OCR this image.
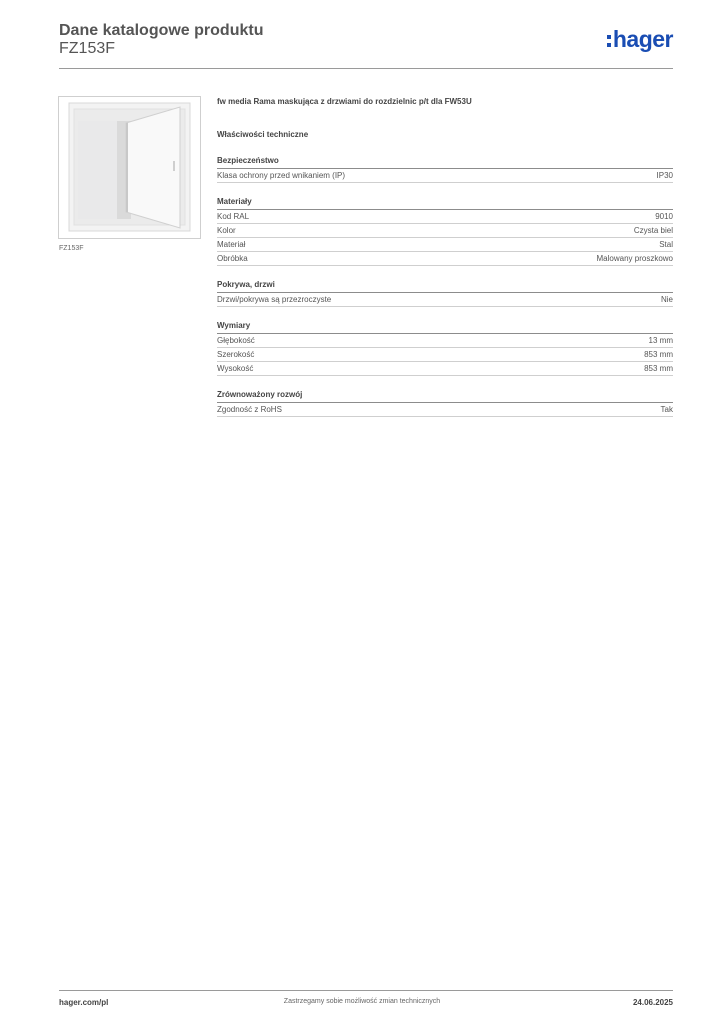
Dane katalogowe produktu
FZ153F	hager
FZ153F
fw media Rama maskująca z drzwiami do rozdzielnic p/t dla FW53U
Właściwości techniczne
Bezpieczeństwo
Klasa ochrony przed wnikaniem (IP)	IP30
Materiały
Kod RAL	9010
Kolor	Czysta biel
Materiał	Stal
Obróbka	Malowany proszkowo
Pokrywa, drzwi
Drzwi/pokrywa są przezroczyste	Nie
Wymiary
Głębokość	13 mm
Szerokość	853 mm
Wysokość	853 mm
Zrównoważony rozwój
Zgodność z RoHS	Tak
hager.com/pl	Zastrzegamy sobie możliwość zmian technicznych	24.06.2025
